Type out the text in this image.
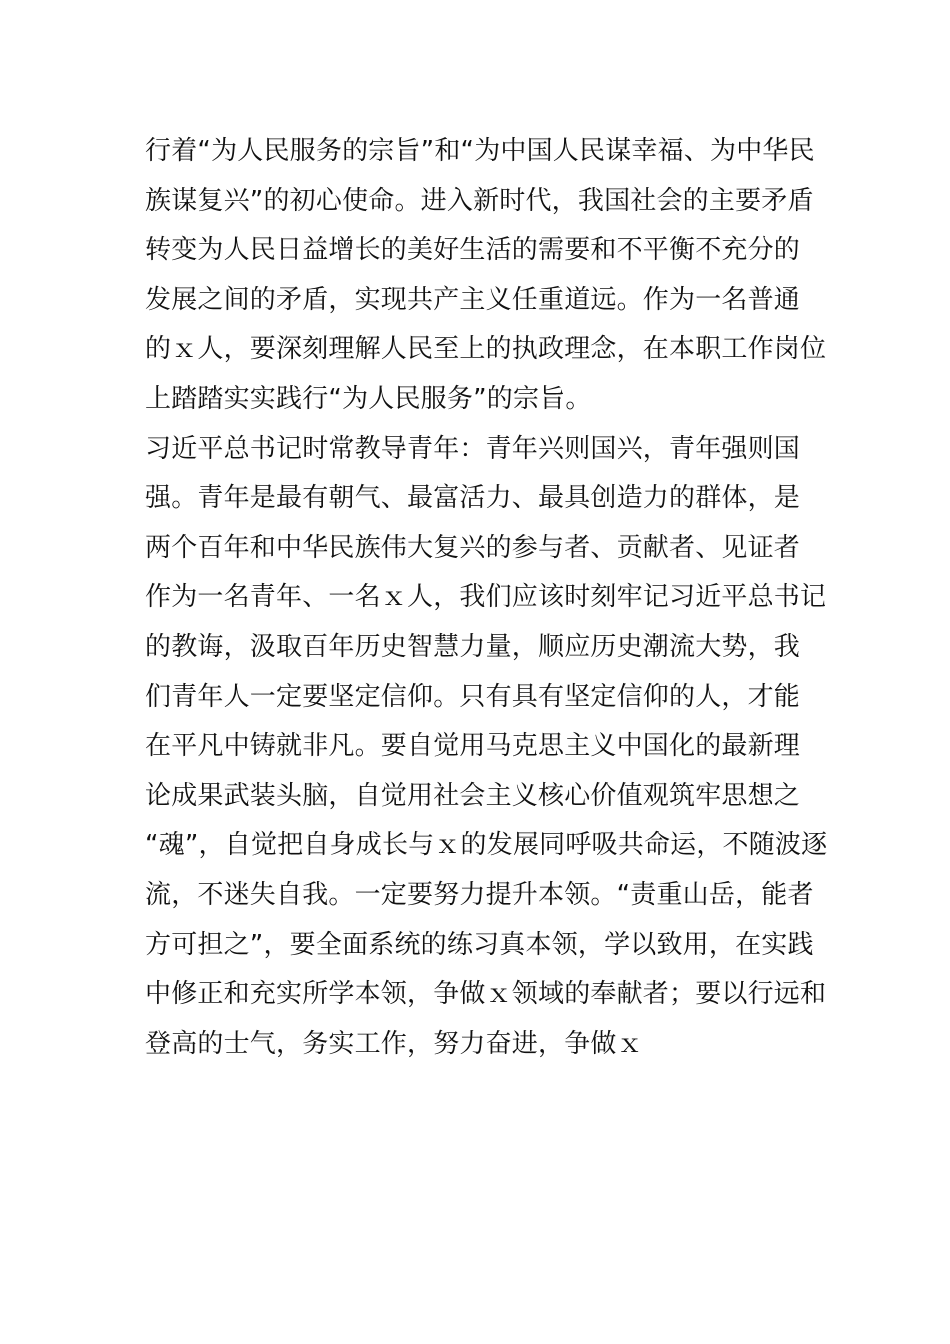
行着“为人民服务的宗旨”和“为中国人民谋幸福、为中华民
族谋复兴”的初心使命。进入新时代，我国社会的主要矛盾
转变为人民日益增长的美好生活的需要和不平衡不充分的
发展之间的矛盾，实现共产主义任重道远。作为一名普通
的ｘ人，要深刻理解人民至上的执政理念，在本职工作岗位
上踏踏实实践行“为人民服务”的宗旨。
习近平总书记时常教导青年：青年兴则国兴，青年强则国
强。青年是最有朝气、最富活力、最具创造力的群体，是
两个百年和中华民族伟大复兴的参与者、贡献者、见证者
作为一名青年、一名ｘ人，我们应该时刻牢记习近平总书记
的教诲，汲取百年历史智慧力量，顺应历史潮流大势，我
们青年人一定要坚定信仰。只有具有坚定信仰的人，才能
在平凡中铸就非凡。要自觉用马克思主义中国化的最新理
论成果武装头脑，自觉用社会主义核心价值观筑牢思想之
“魂”，自觉把自身成长与ｘ的发展同呼吸共命运，不随波逐
流，不迷失自我。一定要努力提升本领。“责重山岳，能者
方可担之”，要全面系统的练习真本领，学以致用，在实践
中修正和充实所学本领，争做ｘ领域的奉献者；要以行远和
登高的士气，务实工作，努力奋进，争做ｘ
